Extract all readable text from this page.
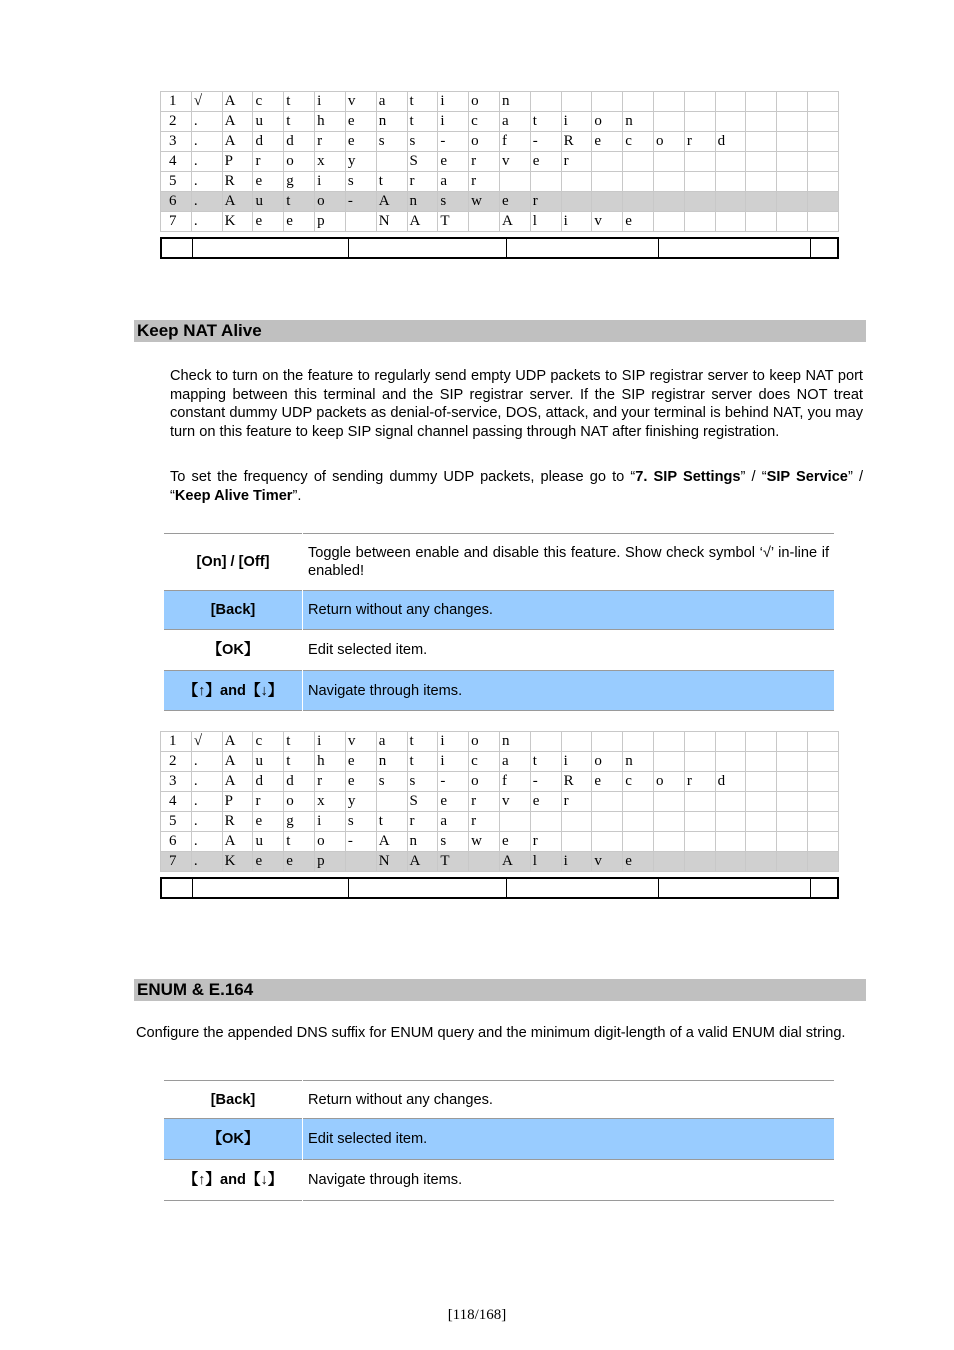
1	√	A	c	t	i	v	a	t	i	o	n										
2	.	A	u	t	h	e	n	t	i	c	a	t	i	o	n						
3	.	A	d	d	r	e	s	s	-	o	f	-	R	e	c	o	r	d			
4	.	P	r	o	x	y		S	e	r	v	e	r								
5	.	R	e	g	i	s	t	r	a	r											
6	.	A	u	t	o	-	A	n	s	w	e	r									
7	.	K	e	e	p		N	A	T		A	l	i	v	e						
Keep NAT Alive

Check to turn on the feature to regularly send empty UDP packets to SIP registrar server to keep NAT port mapping between this terminal and the SIP registrar server. If the SIP registrar server does NOT treat constant dummy UDP packets as denial-of-service, DOS, attack, and your terminal is behind NAT, you may turn on this feature to keep SIP signal channel passing through NAT after finishing registration.

To set the frequency of sending dummy UDP packets, please go to “7. SIP Settings” / “SIP Service” / “Keep Alive Timer”.

[On] / [Off]	Toggle between enable and disable this feature. Show check symbol ‘√’ in-line if enabled!
[Back]	Return without any changes.
【OK】	Edit selected item.
【↑】and【↓】	Navigate through items.
1	√	A	c	t	i	v	a	t	i	o	n										
2	.	A	u	t	h	e	n	t	i	c	a	t	i	o	n						
3	.	A	d	d	r	e	s	s	-	o	f	-	R	e	c	o	r	d			
4	.	P	r	o	x	y		S	e	r	v	e	r								
5	.	R	e	g	i	s	t	r	a	r											
6	.	A	u	t	o	-	A	n	s	w	e	r									
7	.	K	e	e	p		N	A	T		A	l	i	v	e						
ENUM & E.164

Configure the appended DNS suffix for ENUM query and the minimum digit-length of a valid ENUM dial string.

[Back]	Return without any changes.
【OK】	Edit selected item.
【↑】and【↓】	Navigate through items.
[118/168]
